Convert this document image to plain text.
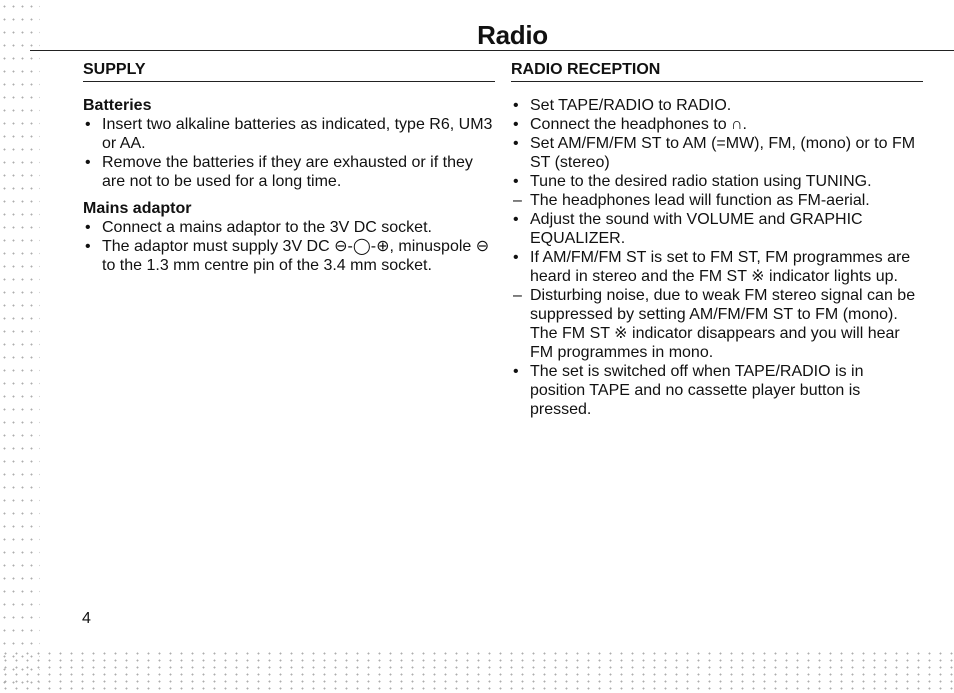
Radio
SUPPLY
Batteries
• Insert two alkaline batteries as indicated, type R6, UM3 or AA.
• Remove the batteries if they are exhausted or if they are not to be used for a long time.
Mains adaptor
• Connect a mains adaptor to the 3V DC socket.
• The adaptor must supply 3V DC ⊖-◯-⊕, minuspole ⊖ to the 1.3 mm centre pin of the 3.4 mm socket.
RADIO RECEPTION
• Set TAPE/RADIO to RADIO.
• Connect the headphones to ∩.
• Set AM/FM/FM ST to AM (=MW), FM, (mono) or to FM ST (stereo)
• Tune to the desired radio station using TUNING.
– The headphones lead will function as FM-aerial.
• Adjust the sound with VOLUME and GRAPHIC EQUALIZER.
• If AM/FM/FM ST is set to FM ST, FM programmes are heard in stereo and the FM ST ※ indicator lights up.
– Disturbing noise, due to weak FM stereo signal can be suppressed by setting AM/FM/FM ST to FM (mono). The FM ST ※ indicator disappears and you will hear FM programmes in mono.
• The set is switched off when TAPE/RADIO is in position TAPE and no cassette player button is pressed.
4
